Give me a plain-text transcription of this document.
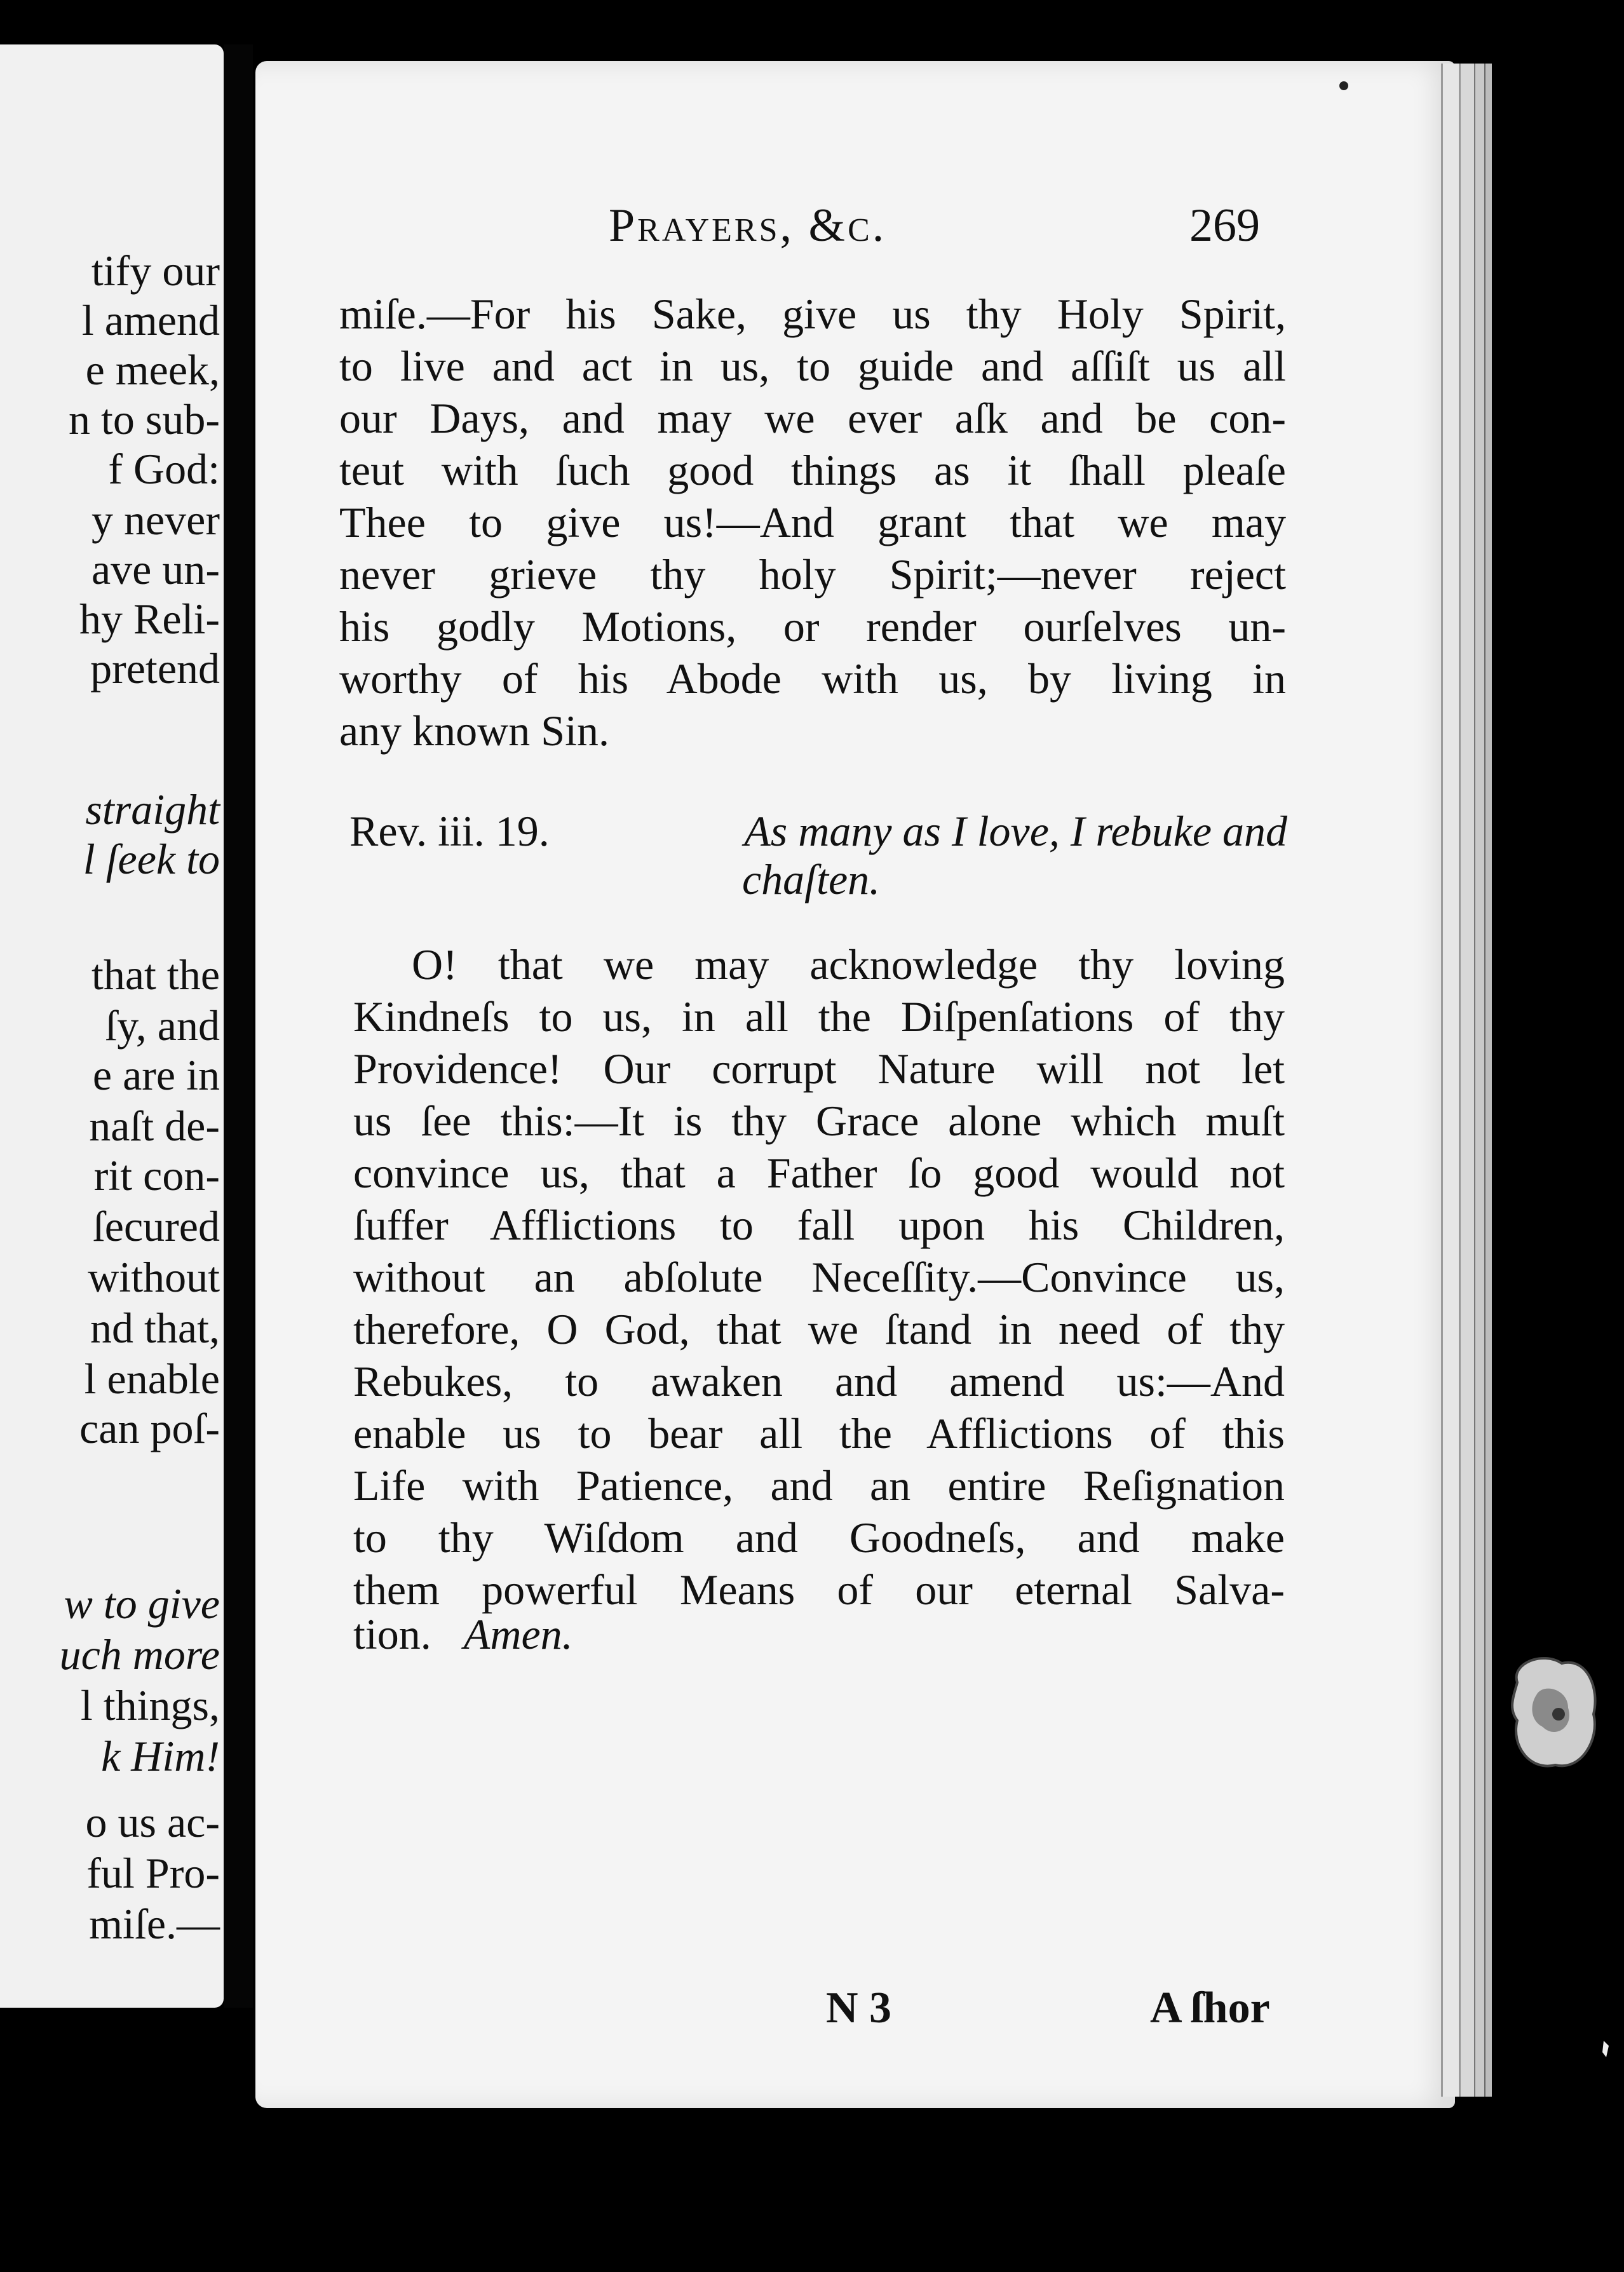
tify our
l amend
e meek,
n to sub-
f God:
y never
ave un-
hy Reli-
pretend
straight
l ſeek to
that the
ſy, and
e are in
naſt de-
rit con-
ſecured
without
nd that,
l enable
can poſ-
w to give
uch more
l things,
k Him!
o us ac-
ful Pro-
miſe.—
Prayers, &c.	269
miſe.—For his Sake, give us thy Holy Spirit,
to live and act in us, to guide and aſſiſt us all
our Days, and may we ever aſk and be con-
teut with ſuch good things as it ſhall pleaſe
Thee to give us!—And grant that we may
never grieve thy holy Spirit;—never reject
his godly Motions, or render ourſelves un-
worthy of his Abode with us, by living in
any known Sin.
Rev. iii. 19.	As many as I love, I rebuke and
chaſten.
O! that we may acknowledge thy loving
Kindneſs to us, in all the Diſpenſations of thy
Providence! Our corrupt Nature will not let
us ſee this:—It is thy Grace alone which muſt
convince us, that a Father ſo good would not
ſuffer Afflictions to fall upon his Children,
without an abſolute Neceſſity.—Convince us,
therefore, O God, that we ſtand in need of thy
Rebukes, to awaken and amend us:—And
enable us to bear all the Afflictions of this
Life with Patience, and an entire Reſignation
to thy Wiſdom and Goodneſs, and make
them powerful Means of our eternal Salva-
tion. Amen.
N 3	A ſhor
